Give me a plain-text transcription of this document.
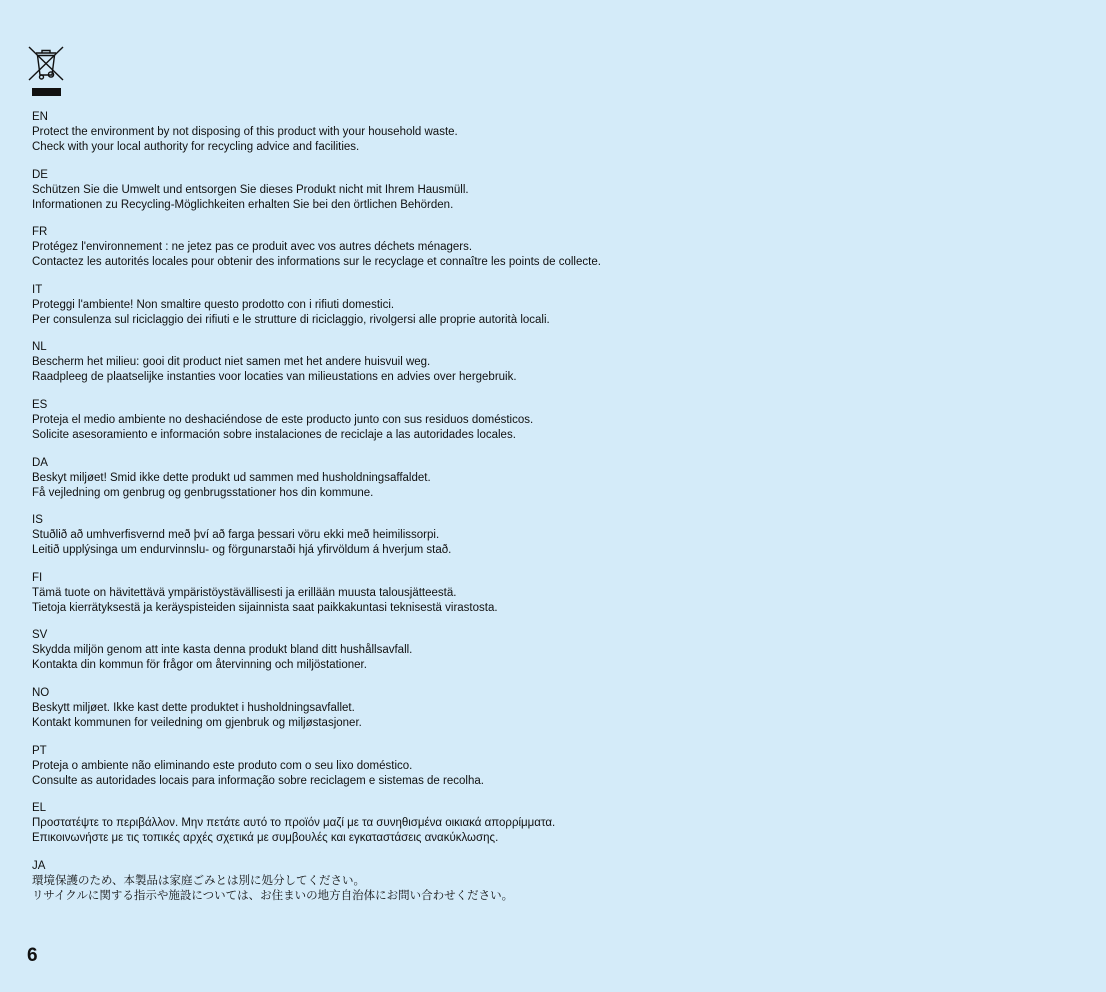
EN
Protect the environment by not disposing of this product with your household waste.
Check with your local authority for recycling advice and facilities.
DE
Schützen Sie die Umwelt und entsorgen Sie dieses Produkt nicht mit Ihrem Hausmüll.
Informationen zu Recycling-Möglichkeiten erhalten Sie bei den örtlichen Behörden.
FR
Protégez l'environnement : ne jetez pas ce produit avec vos autres déchets ménagers.
Contactez les autorités locales pour obtenir des informations sur le recyclage et connaître les points de collecte.
IT
Proteggi l'ambiente! Non smaltire questo prodotto con i rifiuti domestici.
Per consulenza sul riciclaggio dei rifiuti e le strutture di riciclaggio, rivolgersi alle proprie autorità locali.
NL
Bescherm het milieu: gooi dit product niet samen met het andere huisvuil weg.
Raadpleeg de plaatselijke instanties voor locaties van milieustations en advies over hergebruik.
ES
Proteja el medio ambiente no deshaciéndose de este producto junto con sus residuos domésticos.
Solicite asesoramiento e información sobre instalaciones de reciclaje a las autoridades locales.
DA
Beskyt miljøet! Smid ikke dette produkt ud sammen med husholdningsaffaldet.
Få vejledning om genbrug og genbrugsstationer hos din kommune.
IS
Stuðlið að umhverfisvernd með því að farga þessari vöru ekki með heimilissorpi.
Leitið upplýsinga um endurvinnslu- og förgunarstaði hjá yfirvöldum á hverjum stað.
FI
Tämä tuote on hävitettävä ympäristöystävällisesti ja erillään muusta talousjätteestä.
Tietoja kierrätyksestä ja keräyspisteiden sijainnista saat paikkakuntasi teknisestä virastosta.
SV
Skydda miljön genom att inte kasta denna produkt bland ditt hushållsavfall.
Kontakta din kommun för frågor om återvinning och miljöstationer.
NO
Beskytt miljøet. Ikke kast dette produktet i husholdningsavfallet.
Kontakt kommunen for veiledning om gjenbruk og miljøstasjoner.
PT
Proteja o ambiente não eliminando este produto com o seu lixo doméstico.
Consulte as autoridades locais para informação sobre reciclagem e sistemas de recolha.
EL
Προστατέψτε το περιβάλλον. Μην πετάτε αυτό το προϊόν μαζί με τα συνηθισμένα οικιακά απορρίμματα.
Επικοινωνήστε με τις τοπικές αρχές σχετικά με συμβουλές και εγκαταστάσεις ανακύκλωσης.
JA
環境保護のため、本製品は家庭ごみとは別に処分してください。
リサイクルに関する指示や施設については、お住まいの地方自治体にお問い合わせください。
6
